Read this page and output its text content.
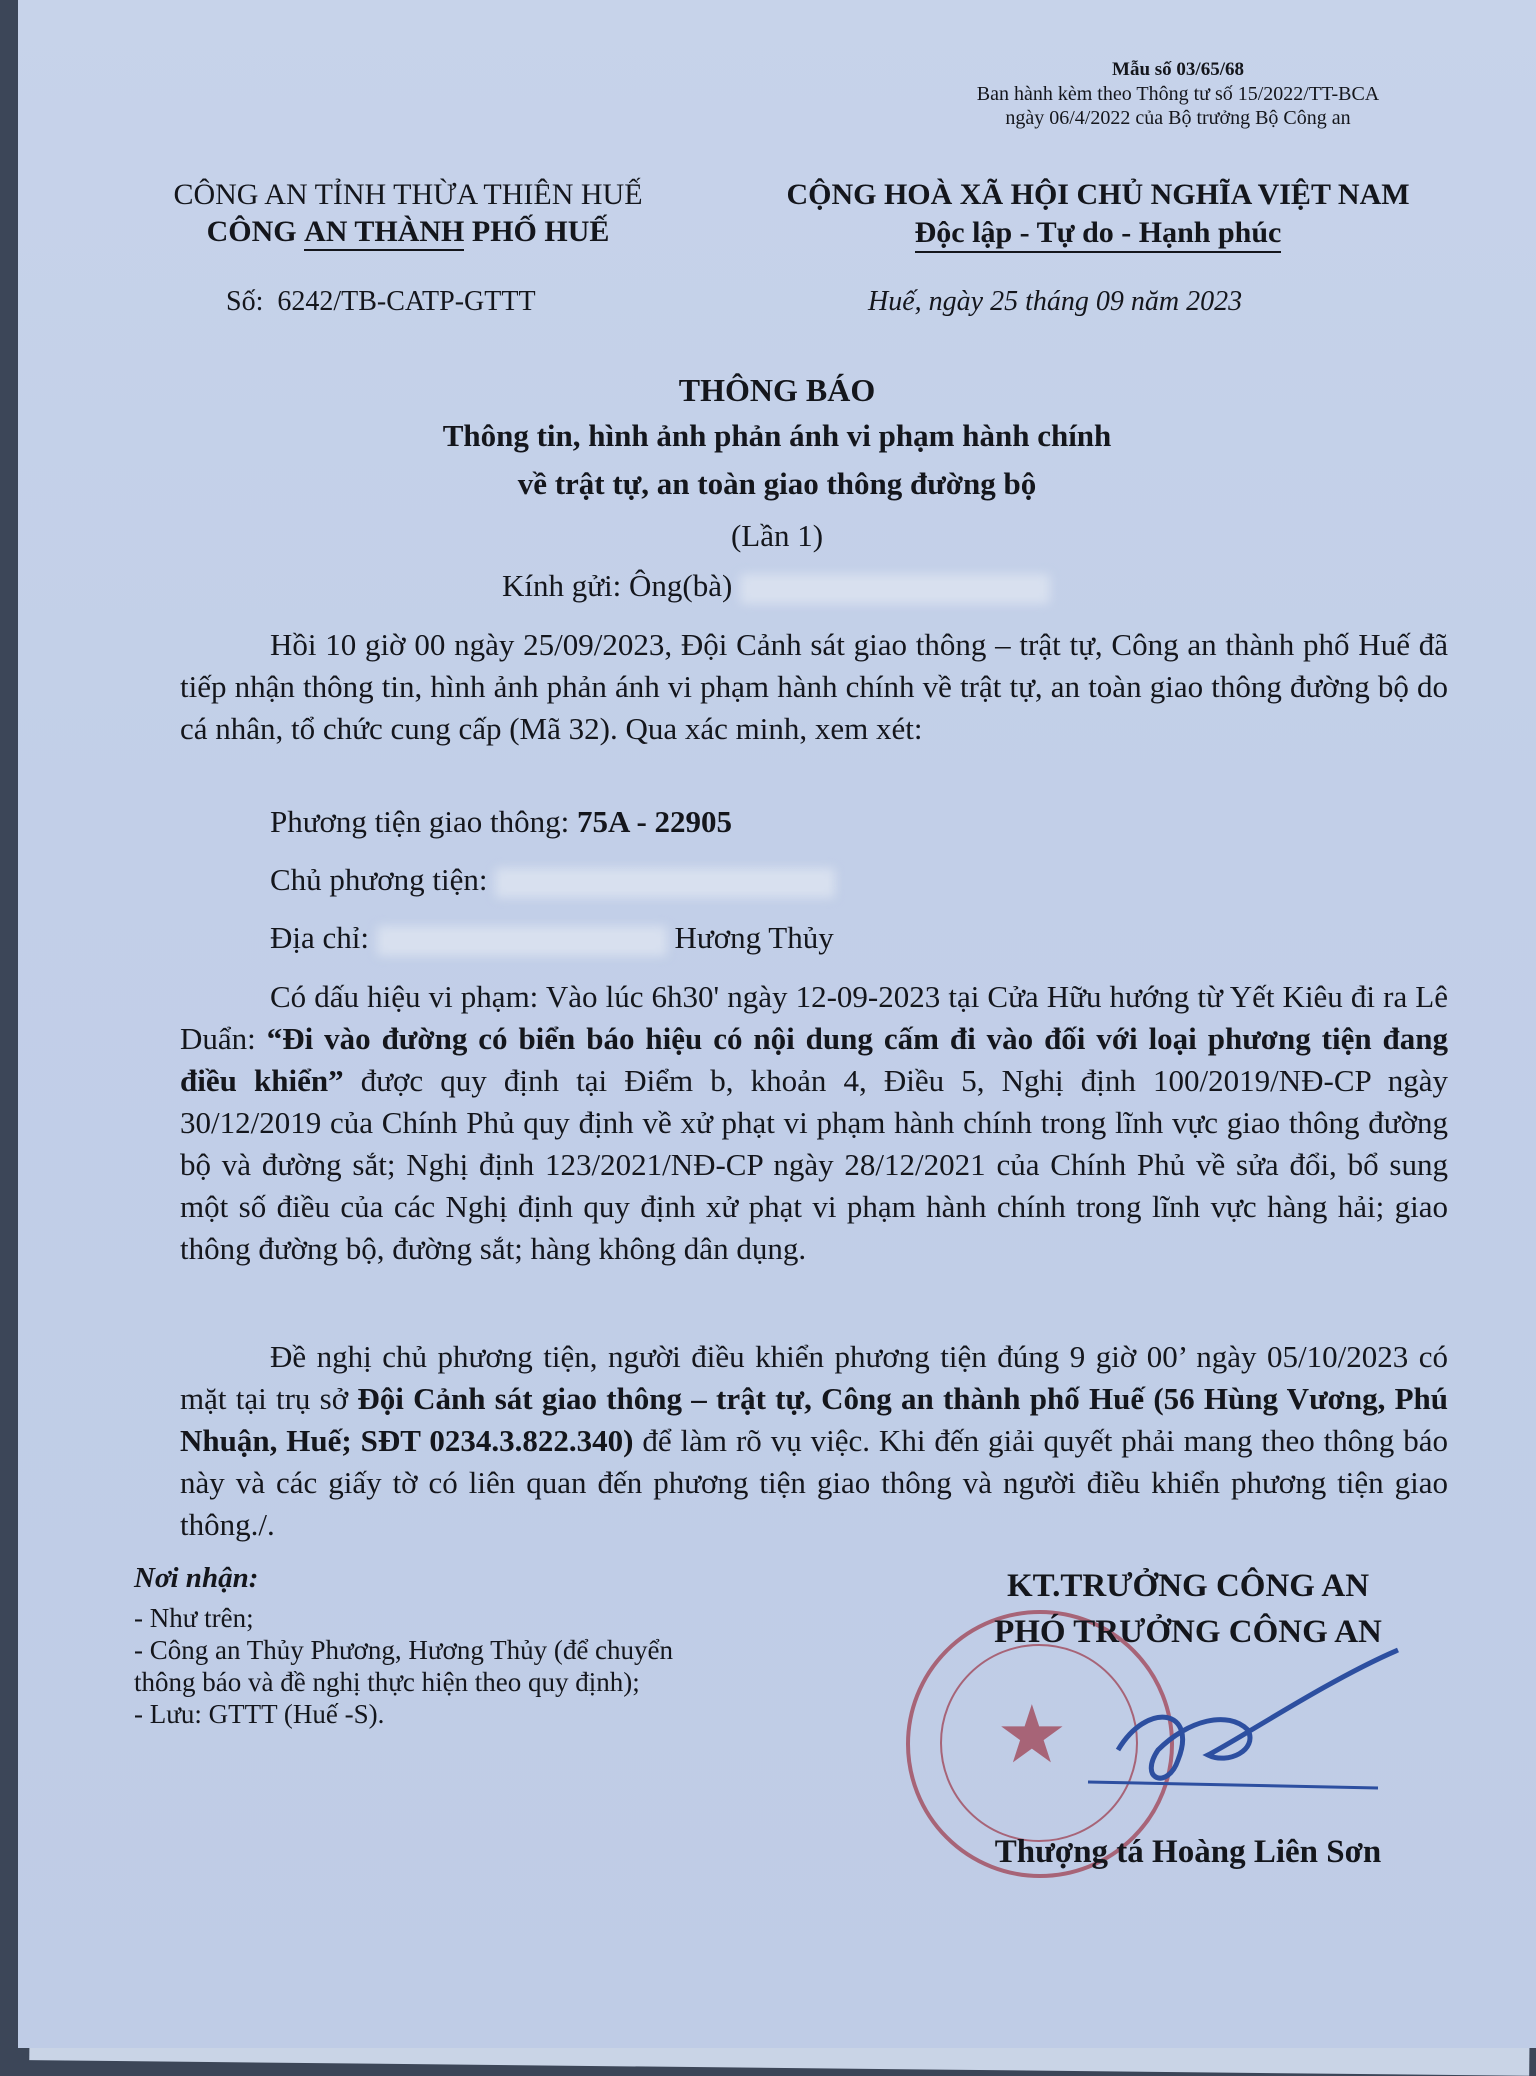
Mẫu số 03/65/68
Ban hành kèm theo Thông tư số 15/2022/TT-BCA
ngày 06/4/2022 của Bộ trưởng Bộ Công an
CÔNG AN TỈNH THỪA THIÊN HUẾ
CÔNG AN THÀNH PHỐ HUẾ
CỘNG HOÀ XÃ HỘI CHỦ NGHĨA VIỆT NAM
Độc lập - Tự do - Hạnh phúc
Số: 6242/TB-CATP-GTTT	Huế, ngày 25 tháng 09 năm 2023
THÔNG BÁO
Thông tin, hình ảnh phản ánh vi phạm hành chính
về trật tự, an toàn giao thông đường bộ
(Lần 1)
Kính gửi: Ông(bà)
Hồi 10 giờ 00 ngày 25/09/2023, Đội Cảnh sát giao thông – trật tự, Công an thành phố Huế đã tiếp nhận thông tin, hình ảnh phản ánh vi phạm hành chính về trật tự, an toàn giao thông đường bộ do cá nhân, tổ chức cung cấp (Mã 32). Qua xác minh, xem xét:
Phương tiện giao thông: 75A - 22905
Chủ phương tiện:
Địa chỉ:	Hương Thủy
Có dấu hiệu vi phạm: Vào lúc 6h30' ngày 12-09-2023 tại Cửa Hữu hướng từ Yết Kiêu đi ra Lê Duẩn: “Đi vào đường có biển báo hiệu có nội dung cấm đi vào đối với loại phương tiện đang điều khiển” được quy định tại Điểm b, khoản 4, Điều 5, Nghị định 100/2019/NĐ-CP ngày 30/12/2019 của Chính Phủ quy định về xử phạt vi phạm hành chính trong lĩnh vực giao thông đường bộ và đường sắt; Nghị định 123/2021/NĐ-CP ngày 28/12/2021 của Chính Phủ về sửa đổi, bổ sung một số điều của các Nghị định quy định xử phạt vi phạm hành chính trong lĩnh vực hàng hải; giao thông đường bộ, đường sắt; hàng không dân dụng.
Đề nghị chủ phương tiện, người điều khiển phương tiện đúng 9 giờ 00’ ngày 05/10/2023 có mặt tại trụ sở Đội Cảnh sát giao thông – trật tự, Công an thành phố Huế (56 Hùng Vương, Phú Nhuận, Huế; SĐT 0234.3.822.340) để làm rõ vụ việc. Khi đến giải quyết phải mang theo thông báo này và các giấy tờ có liên quan đến phương tiện giao thông và người điều khiển phương tiện giao thông./.
Nơi nhận:
- Như trên;
- Công an Thủy Phương, Hương Thủy (để chuyển
thông báo và đề nghị thực hiện theo quy định);
- Lưu: GTTT (Huế -S).	★
KT.TRƯỞNG CÔNG AN
PHÓ TRƯỞNG CÔNG AN
Thượng tá Hoàng Liên Sơn
